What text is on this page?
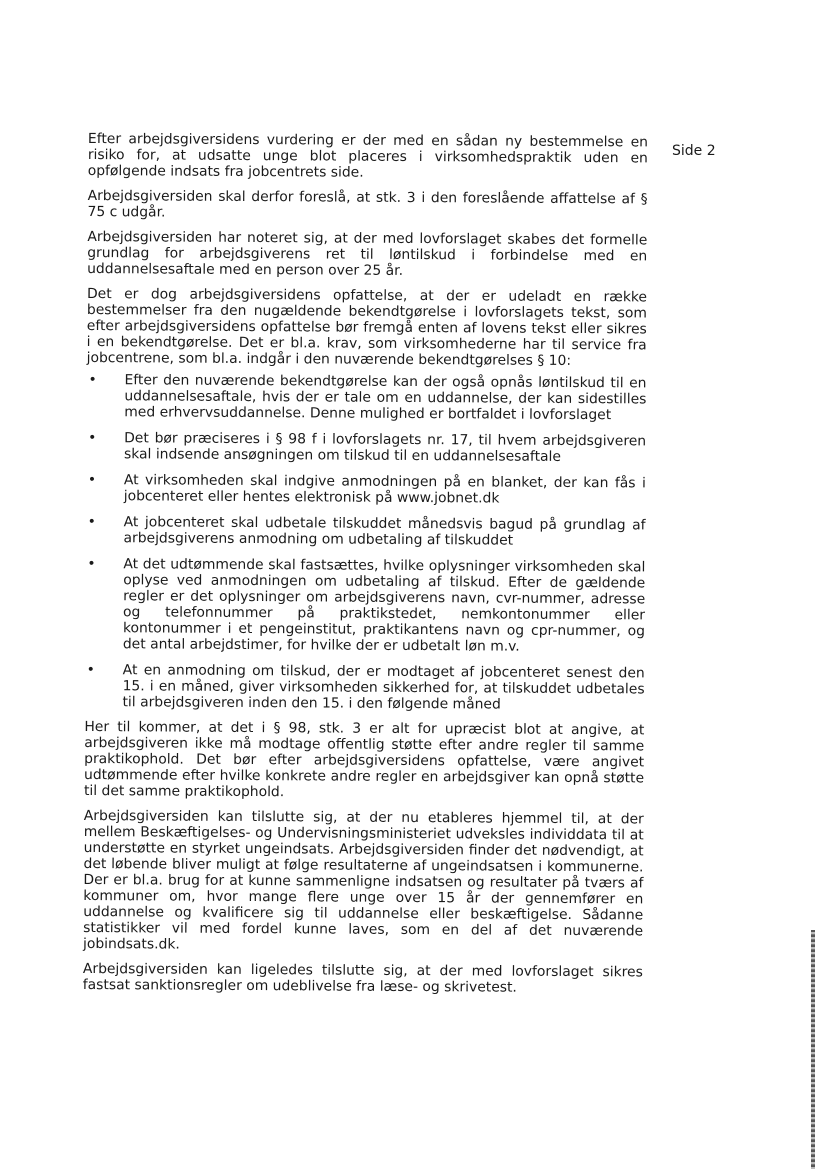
Side 2

Efter arbejdsgiversidens vurdering er der med en sådan ny bestemmelse en risiko for, at udsatte unge blot placeres i virksomhedspraktik uden en opfølgende indsats fra jobcentrets side.

Arbejdsgiversiden skal derfor foreslå, at stk. 3 i den foreslående affattelse af § 75 c udgår.

Arbejdsgiversiden har noteret sig, at der med lovforslaget skabes det formelle grundlag for arbejdsgiverens ret til løntilskud i forbindelse med en uddannelsesaftale med en person over 25 år.

Det er dog arbejdsgiversidens opfattelse, at der er udeladt en række bestemmelser fra den nugældende bekendtgørelse i lovforslagets tekst, som efter arbejdsgiversidens opfattelse bør fremgå enten af lovens tekst eller sikres i en bekendtgørelse. Det er bl.a. krav, som virksomhederne har til service fra jobcentrene, som bl.a. indgår i den nuværende bekendtgørelses § 10:

• Efter den nuværende bekendtgørelse kan der også opnås løntilskud til en uddannelsesaftale, hvis der er tale om en uddannelse, der kan sidestilles med erhvervsuddannelse. Denne mulighed er bortfaldet i lovforslaget
• Det bør præciseres i § 98 f i lovforslagets nr. 17, til hvem arbejdsgiveren skal indsende ansøgningen om tilskud til en uddannelsesaftale
• At virksomheden skal indgive anmodningen på en blanket, der kan fås i jobcenteret eller hentes elektronisk på www.jobnet.dk
• At jobcenteret skal udbetale tilskuddet månedsvis bagud på grundlag af arbejdsgiverens anmodning om udbetaling af tilskuddet
• At det udtømmende skal fastsættes, hvilke oplysninger virksomheden skal oplyse ved anmodningen om udbetaling af tilskud. Efter de gældende regler er det oplysninger om arbejdsgiverens navn, cvr-nummer, adresse og telefonnummer på praktikstedet, nemkontonummer eller kontonummer i et pengeinstitut, praktikantens navn og cpr-nummer, og det antal arbejdstimer, for hvilke der er udbetalt løn m.v.
• At en anmodning om tilskud, der er modtaget af jobcenteret senest den 15. i en måned, giver virksomheden sikkerhed for, at tilskuddet udbetales til arbejdsgiveren inden den 15. i den følgende måned

Her til kommer, at det i § 98, stk. 3 er alt for upræcist blot at angive, at arbejdsgiveren ikke må modtage offentlig støtte efter andre regler til samme praktikophold. Det bør efter arbejdsgiversidens opfattelse, være angivet udtømmende efter hvilke konkrete andre regler en arbejdsgiver kan opnå støtte til det samme praktikophold.

Arbejdsgiversiden kan tilslutte sig, at der nu etableres hjemmel til, at der mellem Beskæftigelses- og Undervisningsministeriet udveksles individdata til at understøtte en styrket ungeindsats. Arbejdsgiversiden finder det nødvendigt, at det løbende bliver muligt at følge resultaterne af ungeindsatsen i kommunerne. Der er bl.a. brug for at kunne sammenligne indsatsen og resultater på tværs af kommuner om, hvor mange flere unge over 15 år der gennemfører en uddannelse og kvalificere sig til uddannelse eller beskæftigelse. Sådanne statistikker vil med fordel kunne laves, som en del af det nuværende jobindsats.dk.

Arbejdsgiversiden kan ligeledes tilslutte sig, at der med lovforslaget sikres fastsat sanktionsregler om udeblivelse fra læse- og skrivetest.
